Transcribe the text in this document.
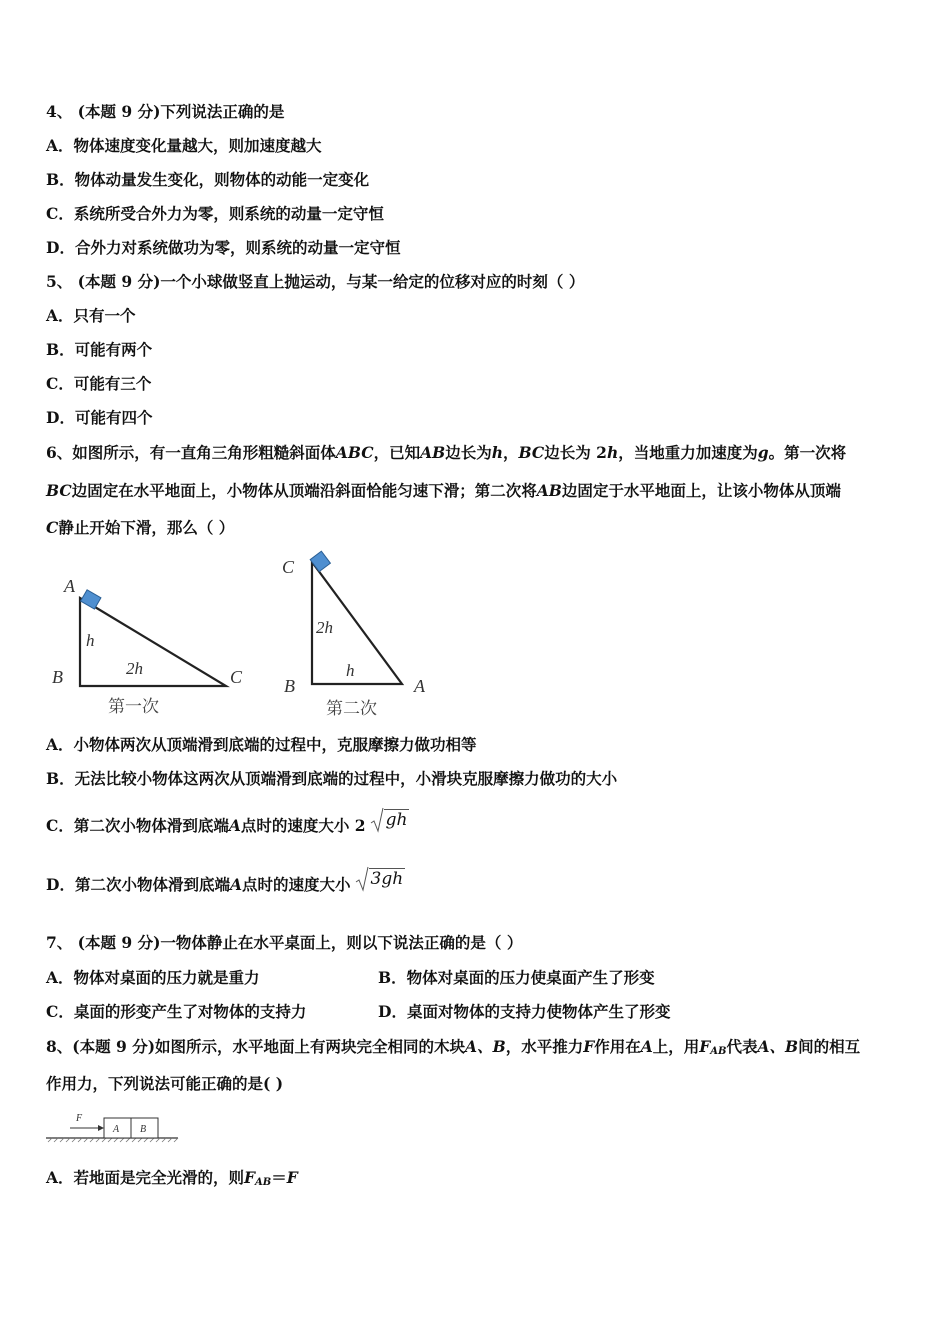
4、 (本题 9 分)下列说法正确的是
A．物体速度变化量越大，则加速度越大
B．物体动量发生变化，则物体的动能一定变化
C．系统所受合外力为零，则系统的动量一定守恒
D．合外力对系统做功为零，则系统的动量一定守恒
5、 (本题 9 分)一个小球做竖直上抛运动，与某一给定的位移对应的时刻（ ）
A．只有一个
B．可能有两个
C．可能有三个
D．可能有四个
6、如图所示，有一直角三角形粗糙斜面体ABC，已知AB边长为h，BC边长为 2h，当地重力加速度为g。第一次将
BC边固定在水平地面上，小物体从顶端沿斜面恰能匀速下滑；第二次将AB边固定于水平地面上，让该小物体从顶端
C静止开始下滑，那么（ ）
A
B	C
h
2h
第一次
C
B	A
2h
h
第二次
A．小物体两次从顶端滑到底端的过程中，克服摩擦力做功相等
B．无法比较小物体这两次从顶端滑到底端的过程中，小滑块克服摩擦力做功的大小
C．第二次小物体滑到底端A点时的速度大小 2 gh
D．第二次小物体滑到底端A点时的速度大小 3gh
7、 (本题 9 分)一物体静止在水平桌面上，则以下说法正确的是（ ）
A．物体对桌面的压力就是重力	B．物体对桌面的压力使桌面产生了形变
C．桌面的形变产生了对物体的支持力	D．桌面对物体的支持力使物体产生了形变
8、(本题 9 分)如图所示，水平地面上有两块完全相同的木块A、B，水平推力F作用在A上，用$F_{AB}$代表A、B间的相互
作用力，下列说法可能正确的是( )
F
A B
A．若地面是完全光滑的，则$F_{AB}=F$
